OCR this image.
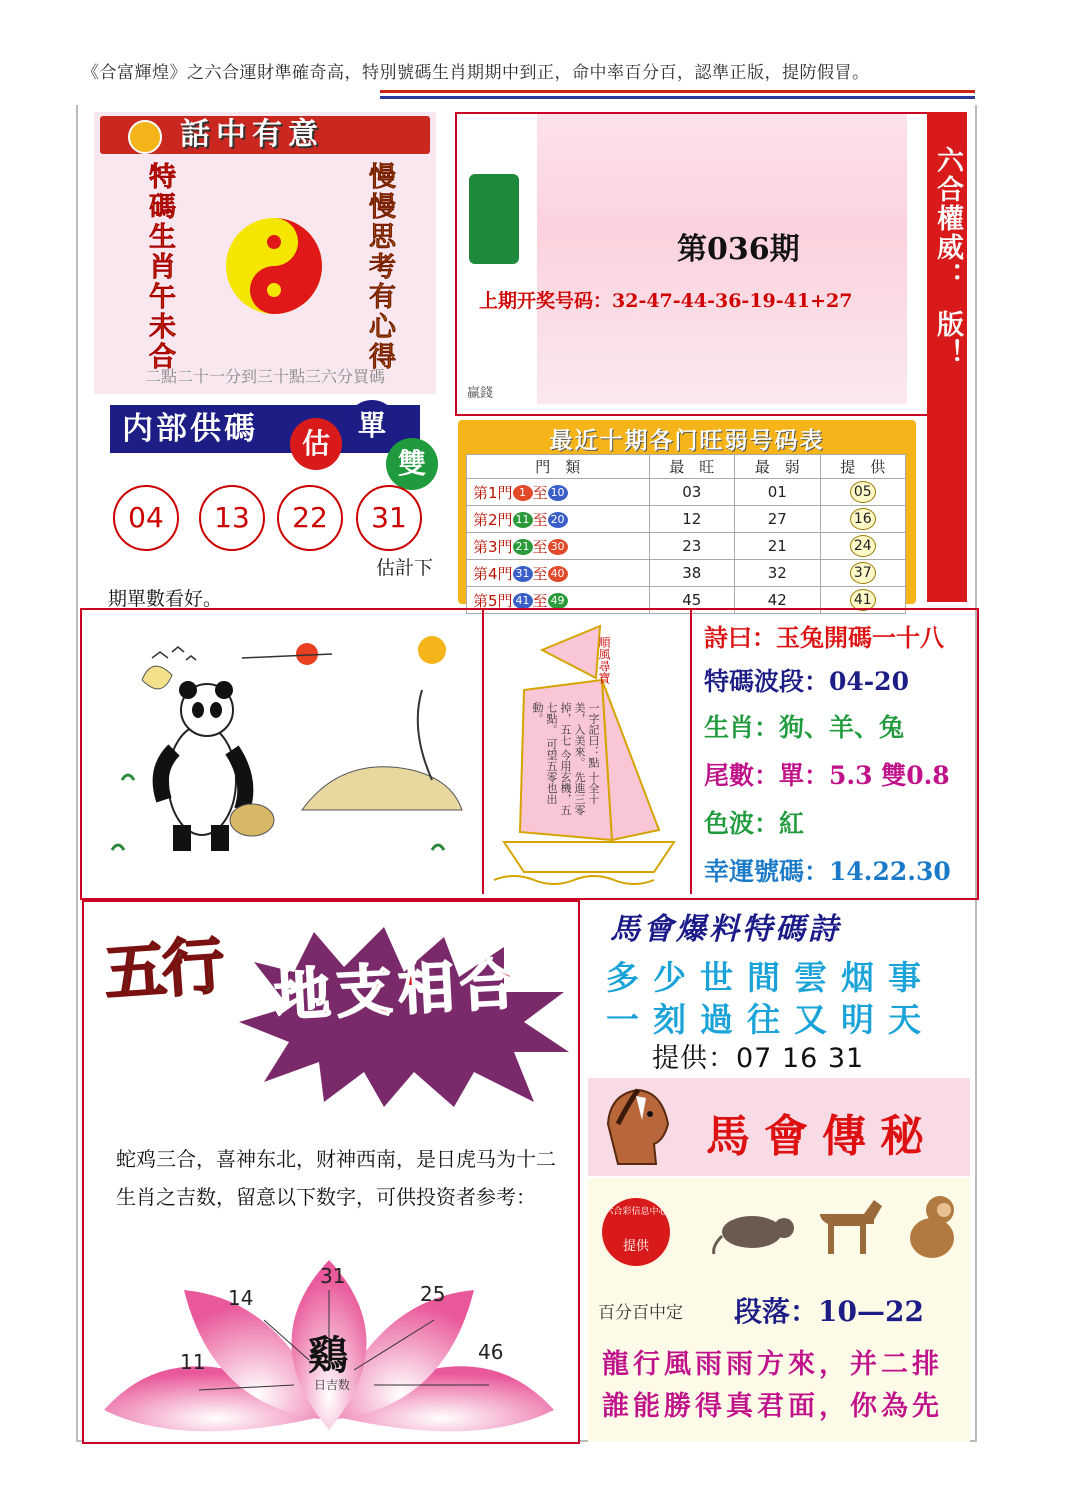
《合富輝煌》之六合運財準確奇高，特別號碼生肖期期中到正，命中率百分百，認準正版，提防假冒。
話中有意
特碼生肖午未合	慢慢思考有心得
二點二十一分到三十點三六分買碼
第036期
上期开奖号码：32-47-44-36-19-41+27
贏錢
六合權威：
《合富輝煌》强勢出版！
内部供碼	估
單
雙
04	13	22	31
估計下
期單數看好。
最近十期各门旺弱号码表
門　類	最　旺	最　弱	提　供
第1門 1 至 10	03	01	05
第2門 11 至 20	12	27	16
第3門 21 至 30	23	21	24
第4門 31 至 40	38	32	37
第5門 41 至 49	45	42	41
順風尋寶
一字記曰：點 十全十美，入美來。 先進三零掉，五七 今用玄機，五七點。 可望五零也出動。
詩曰：玉兔開碼一十八
特碼波段：04-20
生肖：狗、羊、兔
尾數：單：5.3 雙0.8
色波：紅
幸運號碼：14.22.30
五行 地支相合
蛇鸡三合，喜神东北，财神西南，是日虎马为十二生肖之吉数，留意以下数字，可供投资者参考：
31
14	25
11	46
鷄
日吉数
馬會爆料特碼詩
多少世間雲烟事
一刻過往又明天
提供：07 16 31
馬會傳秘
六合彩信息中心
提供
百分百中定 段落：10—22
龍行風雨雨方來，并二排
誰能勝得真君面，你為先
